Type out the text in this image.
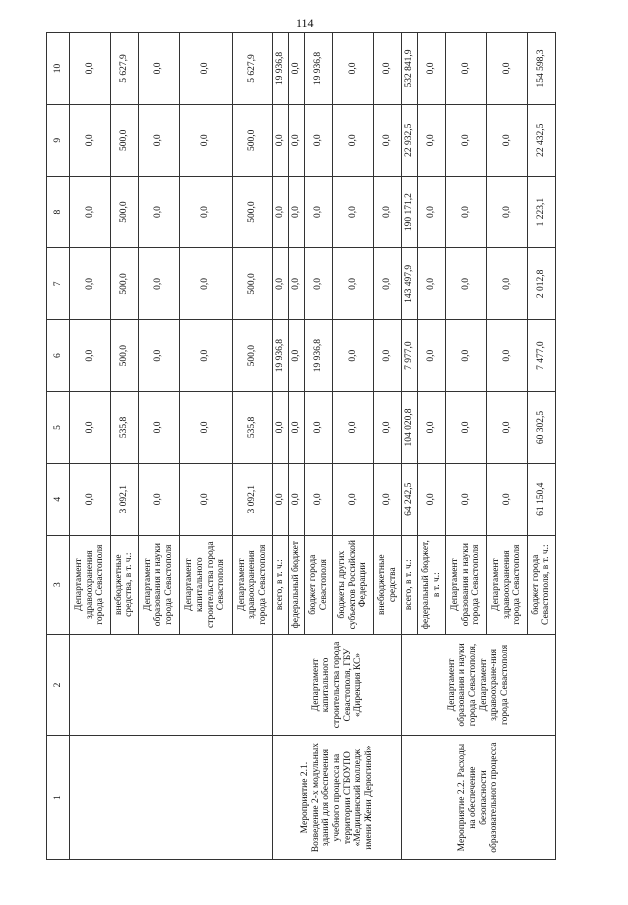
114
1	2	3	4	5	6	7	8	9	10
		Департамент здравоохранения города Севастополя	0,0	0,0	0,0	0,0	0,0	0,0	0,0
		внебюджетные средства, в т. ч.:	3 092,1	535,8	500,0	500,0	500,0	500,0	5 627,9
		Департамент образования и науки города Севастополя	0,0	0,0	0,0	0,0	0,0	0,0	0,0
		Департамент капитального строительства города Севастополя	0,0	0,0	0,0	0,0	0,0	0,0	0,0
		Департамент здравоохранения города Севастополя	3 092,1	535,8	500,0	500,0	500,0	500,0	5 627,9
Мероприятие 2.1. Возведение 2-х модульных зданий для обеспечения учебного процесса на территории СГБОУПО «Медицинский колледж имени Жени Дерюгиной»	Департамент капитального строительства города Севастополя, ГБУ «Дирекция КС»	всего, в т. ч.:	0,0	0,0	19 936,8	0,0	0,0	0,0	19 936,8
		федеральный бюджет	0,0	0,0	0,0	0,0	0,0	0,0	0,0
		бюджет города Севастополя	0,0	0,0	19 936,8	0,0	0,0	0,0	19 936,8
		бюджеты других субъектов Российской Федерации	0,0	0,0	0,0	0,0	0,0	0,0	0,0
		внебюджетные средства	0,0	0,0	0,0	0,0	0,0	0,0	0,0
Мероприятие 2.2. Расходы на обеспечение безопасности образовательного процесса	Департамент образования и науки города Севастополя, Департамент здравоохране-ния города Севастополя	всего, в т. ч.:	64 242,5	104 020,8	7 977,0	143 497,9	190 171,2	22 932,5	532 841,9
		федеральный бюджет, в т. ч.:	0,0	0,0	0,0	0,0	0,0	0,0	0,0
		Департамент образования и науки города Севастополя	0,0	0,0	0,0	0,0	0,0	0,0	0,0
		Департамент здравоохранения города Севастополя	0,0	0,0	0,0	0,0	0,0	0,0	0,0
		бюджет города Севастополя, в т. ч.:	61 150,4	60 302,5	7 477,0	2 012,8	1 223,1	22 432,5	154 598,3
